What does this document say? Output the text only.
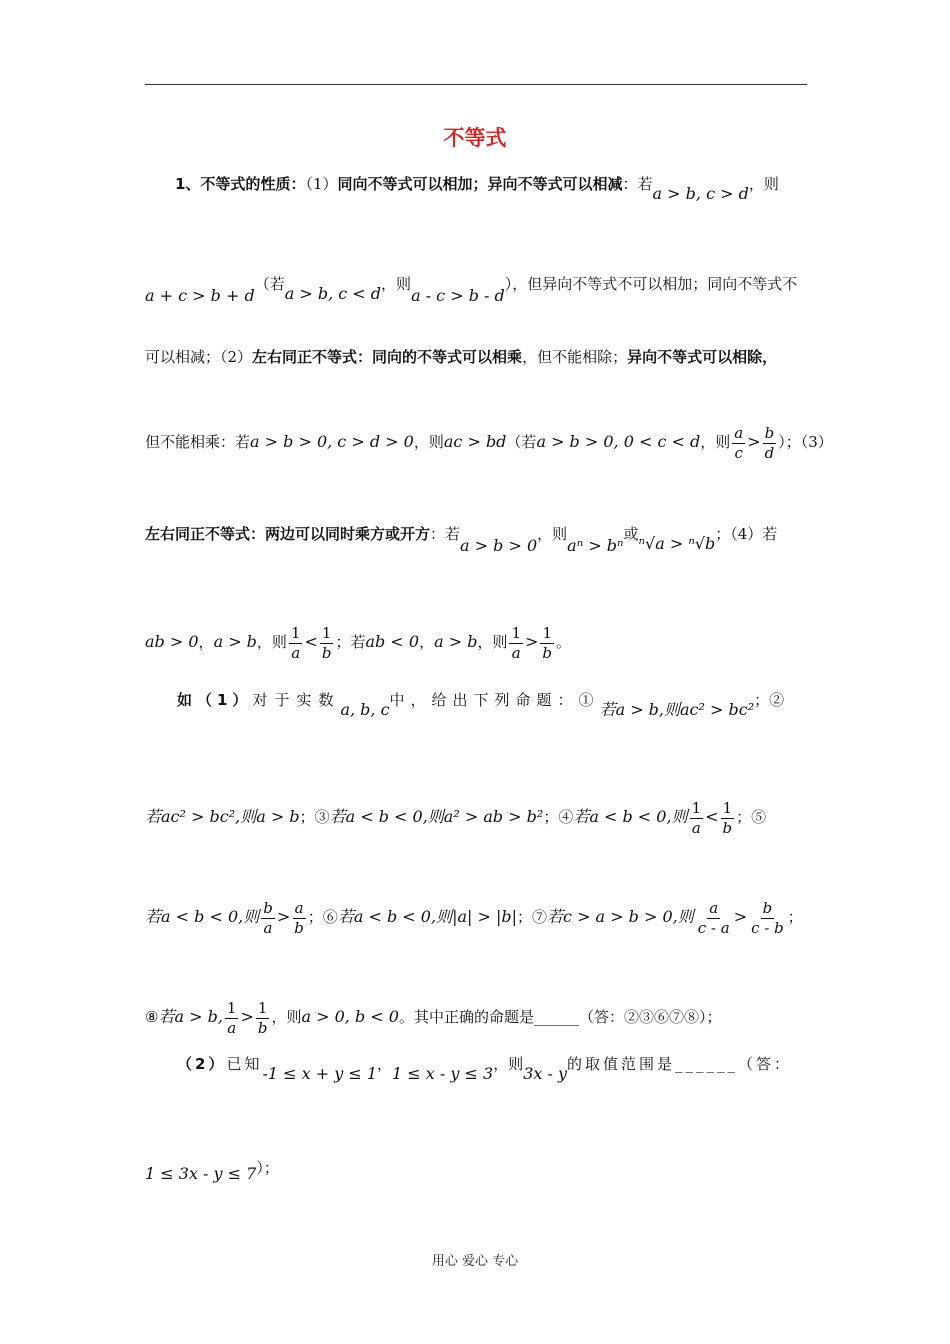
不等式
1、不等式的性质：（1）同向不等式可以相加；异向不等式可以相减：若a > b, c > d，则
a + c > b + d（若a > b, c < d，则a - c > b - d），但异向不等式不可以相加；同向不等式不
可以相减；（2）左右同正不等式：同向的不等式可以相乘，但不能相除；异向不等式可以相除，
但不能相乘：若a > b > 0, c > d > 0，则ac > bd（若a > b > 0, 0 < c < d，则 $\frac{a}{c} > \frac{b}{d}$ ）；（3）
左右同正不等式：两边可以同时乘方或开方：若a > b > 0，则aⁿ > bⁿ或ⁿ√a > ⁿ√b；（4）若
ab > 0，a > b，则 $\frac{1}{a} < \frac{1}{b}$ ；若ab < 0，a > b，则 $\frac{1}{a} > \frac{1}{b}$ 。
如（1）对于实数a, b, c中，给出下列命题：①若a > b,则ac² > bc²；②
若ac² > bc²,则a > b；③若a < b < 0,则a² > ab > b²；④若a < b < 0,则 $\frac{1}{a} < \frac{1}{b}$ ；⑤
若a < b < 0,则 $\frac{b}{a} > \frac{a}{b}$ ；⑥若a < b < 0,则|a| > |b|；⑦若c > a > b > 0,则 $\frac{a}{c - a} > \frac{b}{c - b}$ ；
⑧若a > b, $\frac{1}{a} > \frac{1}{b}$ ，则a > 0, b < 0。其中正确的命题是______（答：②③⑥⑦⑧）；
（2）已知-1 ≤ x + y ≤ 1，1 ≤ x - y ≤ 3，则3x - y的取值范围是______（答：
1 ≤ 3x - y ≤ 7）；
用心 爱心 专心
